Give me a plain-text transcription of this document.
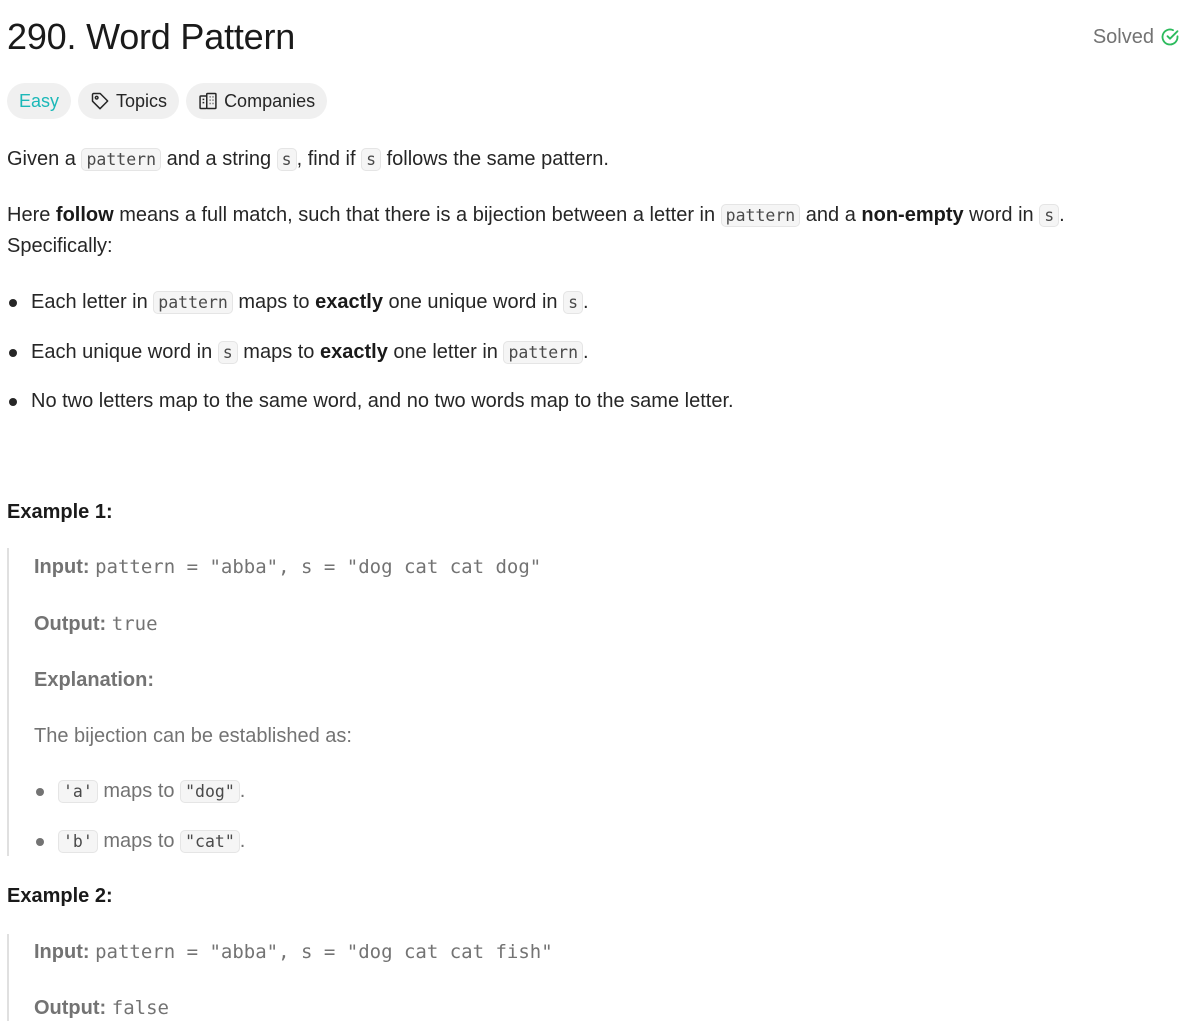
290. Word Pattern	Solved
Easy	Topics	Companies
Given a pattern and a string s , find if s follows the same pattern.
Here follow means a full match, such that there is a bijection between a letter in pattern and a non-empty word in s .
Specifically:
Each letter in pattern maps to exactly one unique word in s .
Each unique word in s maps to exactly one letter in pattern .
No two letters map to the same word, and no two words map to the same letter.
Example 1:
Input: pattern = "abba", s = "dog cat cat dog"
Output: true
Explanation:
The bijection can be established as:
'a' maps to "dog" .
'b' maps to "cat" .
Example 2:
Input: pattern = "abba", s = "dog cat cat fish"
Output: false
